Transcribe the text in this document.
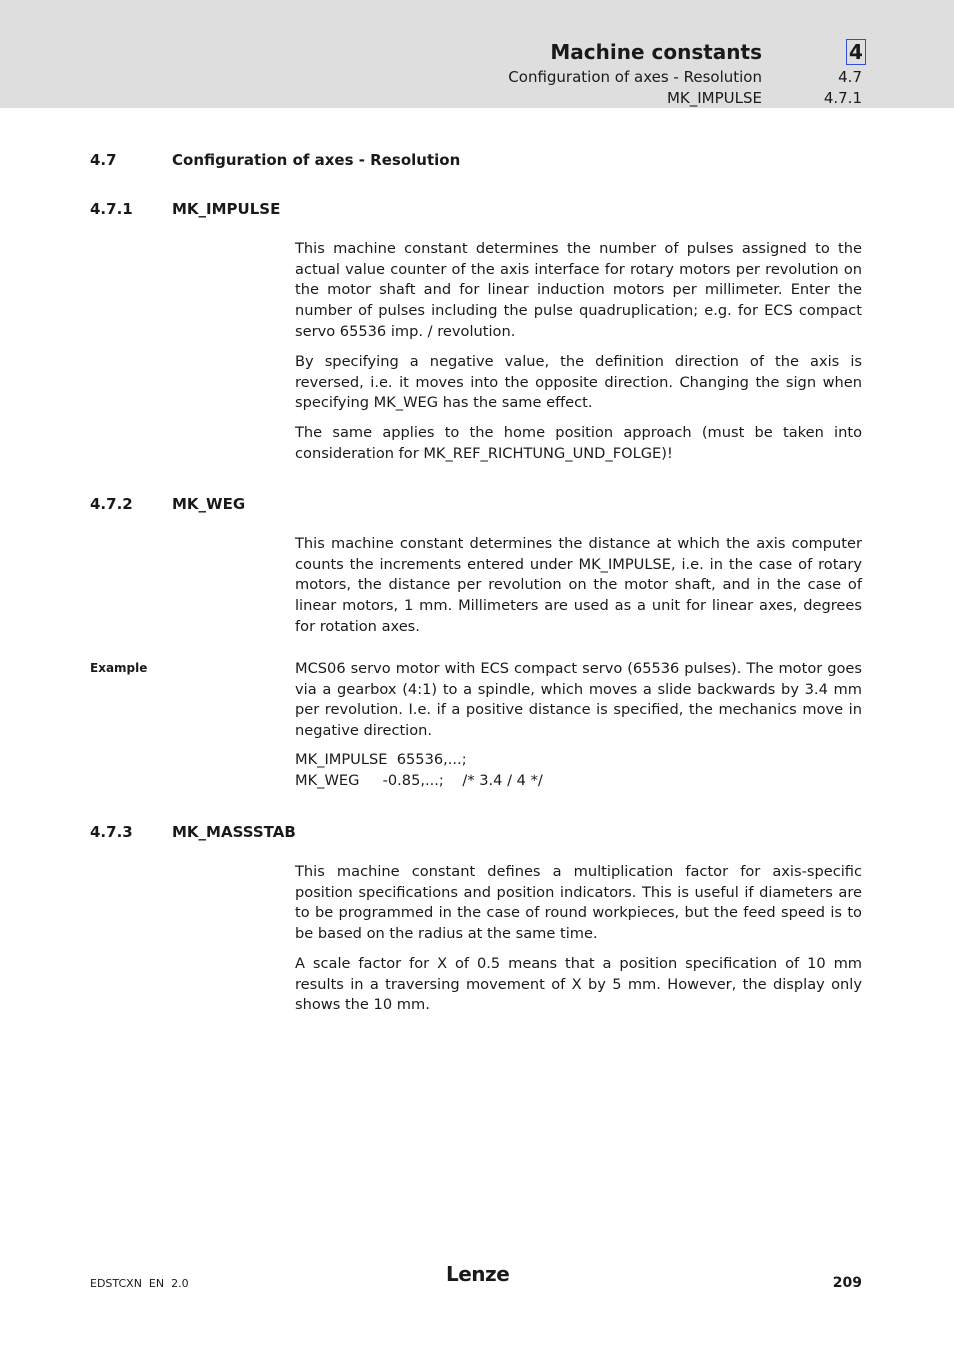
Machine constants	4
Configuration of axes - Resolution	4.7
MK_IMPULSE	4.7.1
4.7	Configuration of axes - Resolution
4.7.1	MK_IMPULSE

This machine constant determines the number of pulses assigned to the actual value counter of the axis interface for rotary motors per revolution on the motor shaft and for linear induction motors per millimeter. Enter the number of pulses including the pulse quadruplication; e.g. for ECS compact servo 65536 imp. / revolution.

By specifying a negative value, the definition direction of the axis is reversed, i.e. it moves into the opposite direction. Changing the sign when specifying MK_WEG has the same effect.

The same applies to the home position approach (must be taken into consideration for MK_REF_RICHTUNG_UND_FOLGE)!

4.7.2	MK_WEG

This machine constant determines the distance at which the axis computer counts the increments entered under MK_IMPULSE, i.e. in the case of rotary motors, the distance per revolution on the motor shaft, and in the case of linear motors, 1 mm. Millimeters are used as a unit for linear axes, degrees for rotation axes.

Example	MCS06 servo motor with ECS compact servo (65536 pulses). The motor goes via a gearbox (4:1) to a spindle, which moves a slide backwards by 3.4 mm per revolution. I.e. if a positive distance is specified, the mechanics move in negative direction.

MK_IMPULSE  65536,...;
MK_WEG     -0.85,...;    /* 3.4 / 4 */
4.7.3	MK_MASSSTAB

This machine constant defines a multiplication factor for axis-specific position specifications and position indicators. This is useful if diameters are to be programmed in the case of round workpieces, but the feed speed is to be based on the radius at the same time.

A scale factor for X of 0.5 means that a position specification of 10 mm results in a traversing movement of X by 5 mm. However, the display only shows the 10 mm.

EDSTCXN  EN  2.0	Lenze	209
